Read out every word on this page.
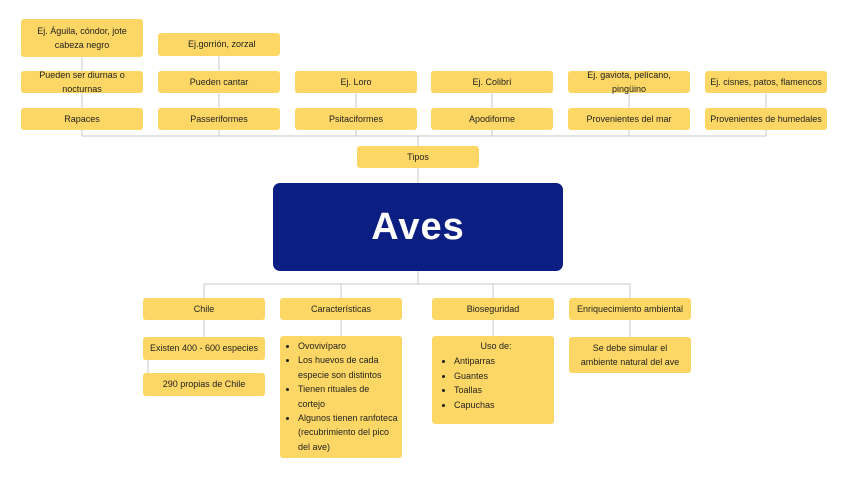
Ej. Águila, cóndor, jote cabeza negro	Ej.gorrión, zorzal
Pueden ser diurnas o nocturnas
Pueden cantar	Ej. Loro	Ej. Colibrí
Ej. gaviota, pelícano, pingüino
Ej. cisnes, patos, flamencos
Rapaces	Passeriformes	Psitaciformes	Apodiforme	Provenientes del mar	Provenientes de humedales
Tipos
Aves
Chile	Características	Bioseguridad	Enriquecimiento ambiental
Existen 400 - 600 especies
290 propias de Chile
• Ovovivíparo
• Los huevos de cada especie son distintos
• Tienen rituales de cortejo
• Algunos tienen ranfoteca (recubrimiento del pico del ave)
Uso de:
• Antiparras
• Guantes
• Toallas
• Capuchas
Se debe simular el ambiente natural del ave
